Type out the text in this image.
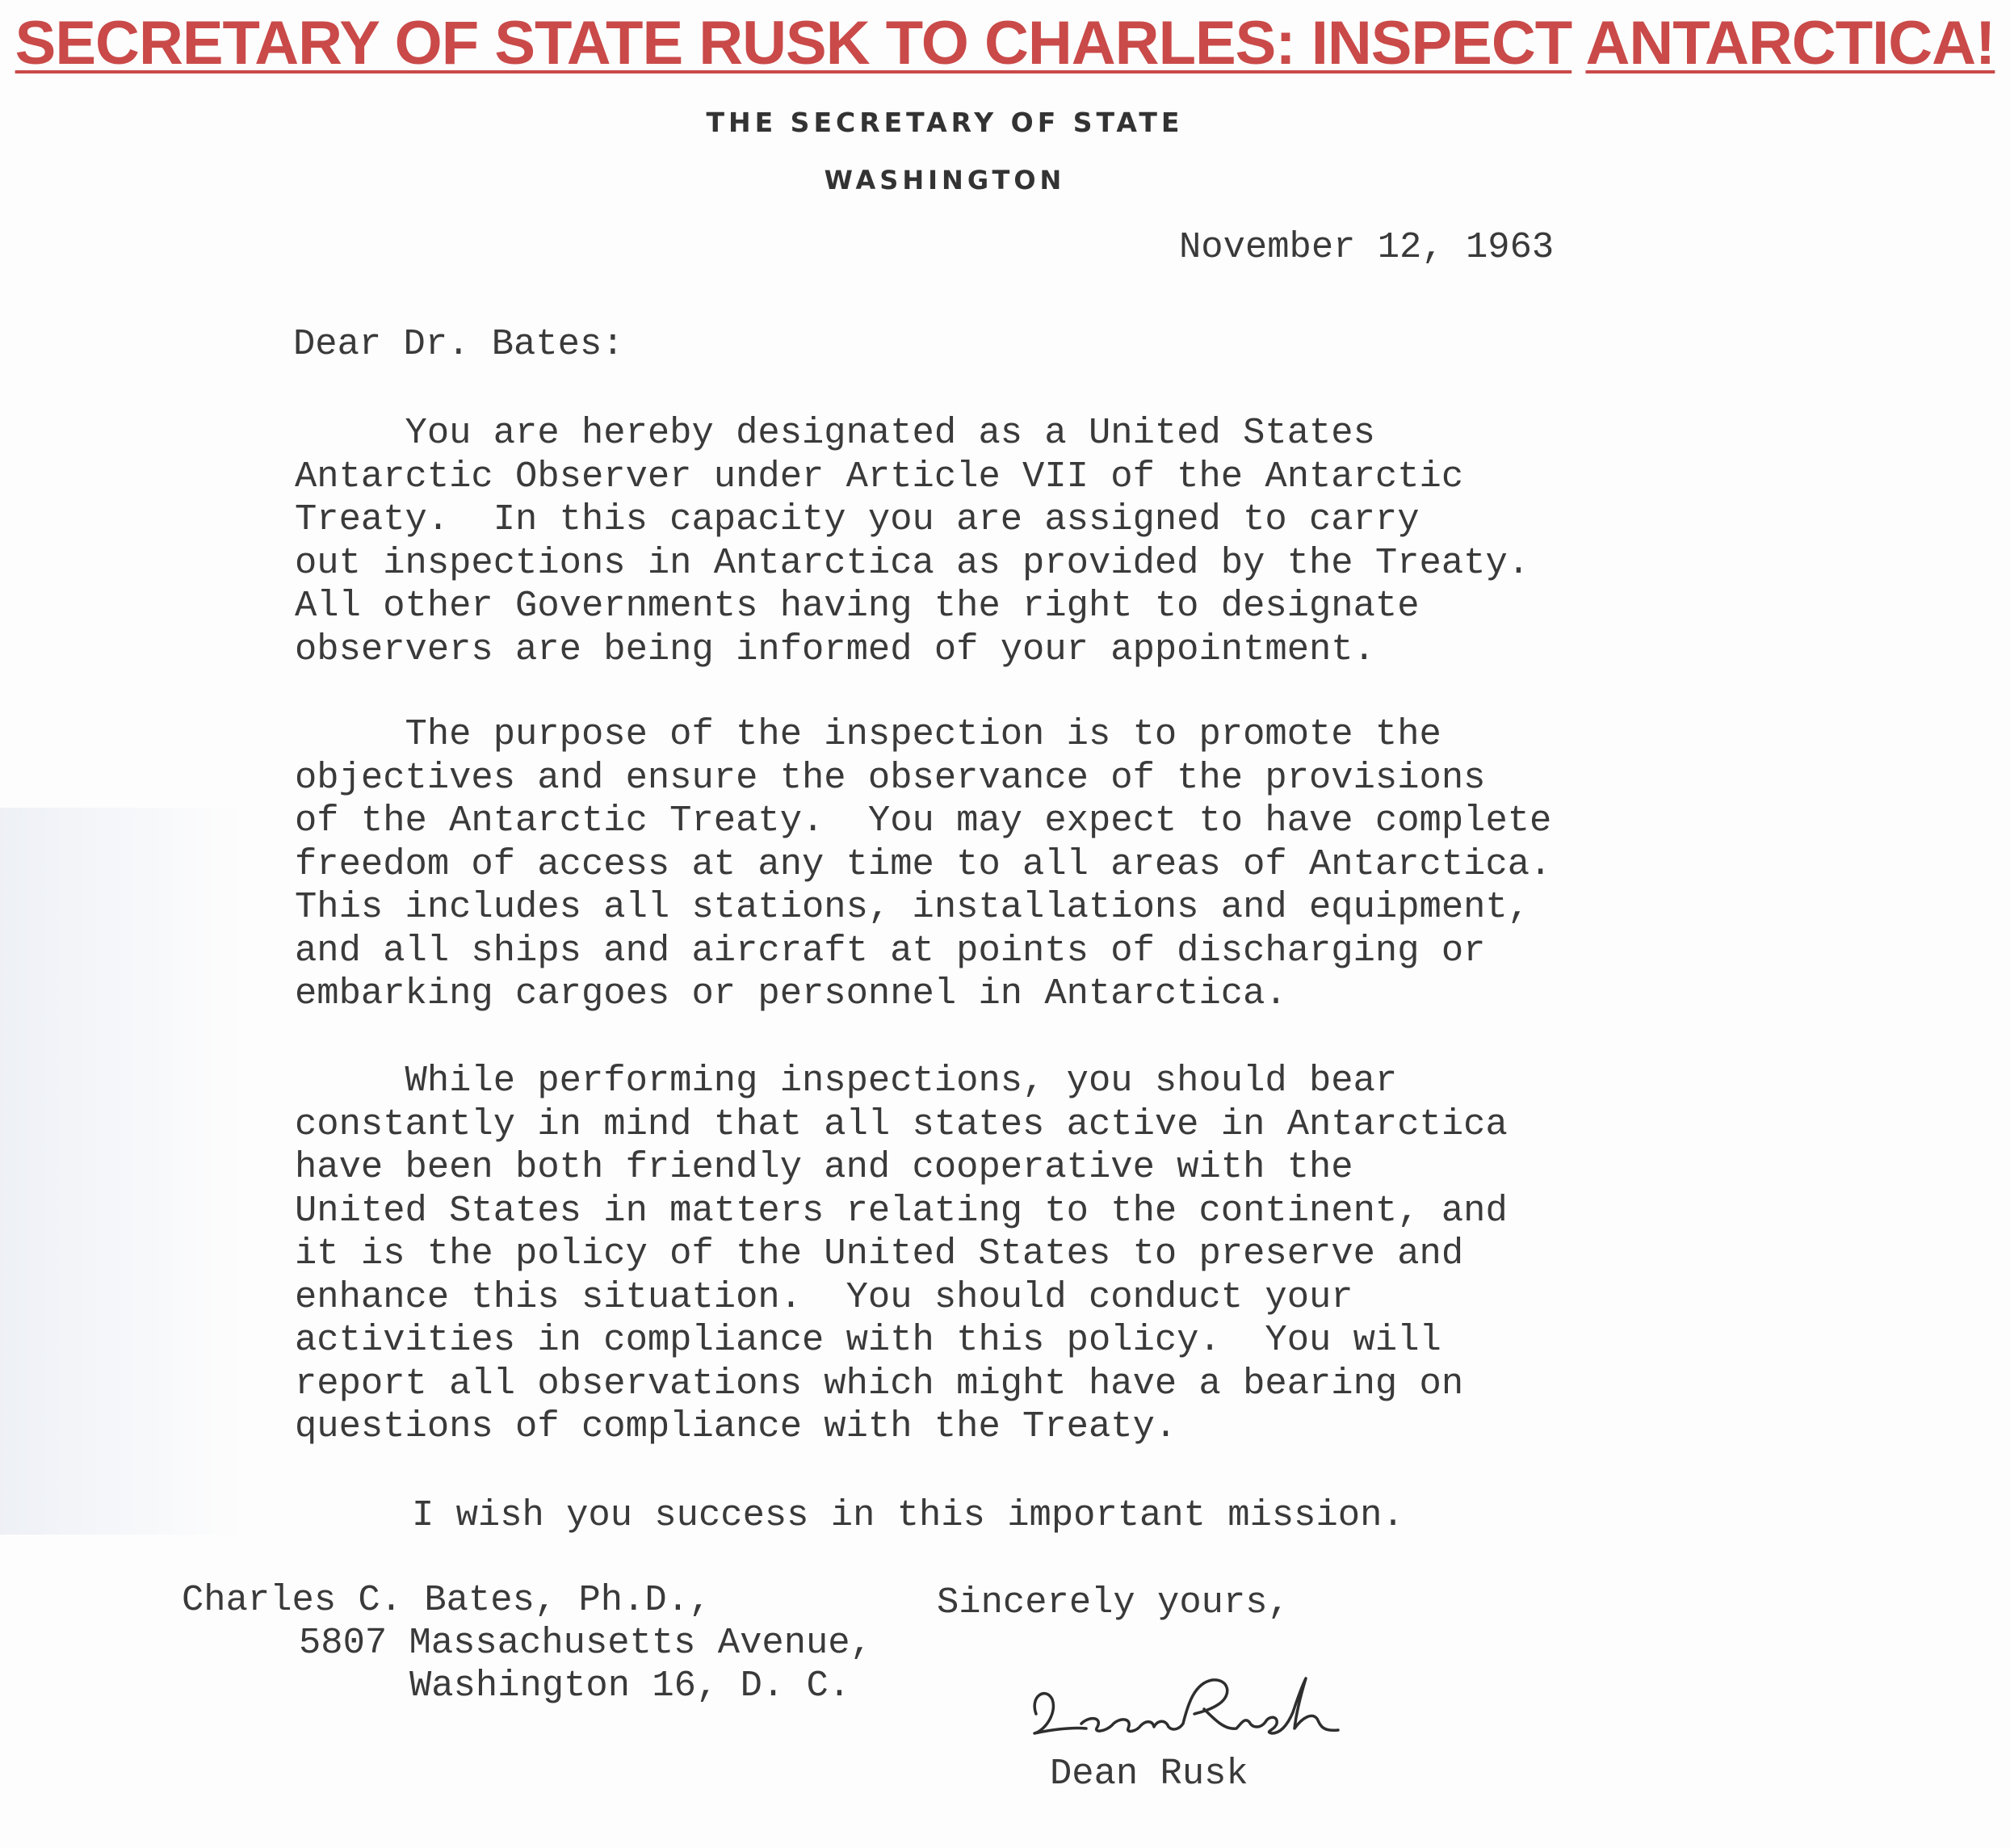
SECRETARY OF STATE RUSK TO CHARLES: INSPECT ANTARCTICA!
THE SECRETARY OF STATE
WASHINGTON
November 12, 1963
Dear Dr. Bates:
You are hereby designated as a United States
Antarctic Observer under Article VII of the Antarctic
Treaty.  In this capacity you are assigned to carry
out inspections in Antarctica as provided by the Treaty.
All other Governments having the right to designate
observers are being informed of your appointment.
The purpose of the inspection is to promote the
objectives and ensure the observance of the provisions
of the Antarctic Treaty.  You may expect to have complete
freedom of access at any time to all areas of Antarctica.
This includes all stations, installations and equipment,
and all ships and aircraft at points of discharging or
embarking cargoes or personnel in Antarctica.
While performing inspections, you should bear
constantly in mind that all states active in Antarctica
have been both friendly and cooperative with the
United States in matters relating to the continent, and
it is the policy of the United States to preserve and
enhance this situation.  You should conduct your
activities in compliance with this policy.  You will
report all observations which might have a bearing on
questions of compliance with the Treaty.
I wish you success in this important mission.
Charles C. Bates, Ph.D.,
5807 Massachusetts Avenue,
Washington 16, D. C.
Sincerely yours,
Dean Rusk
Dean Rusk
